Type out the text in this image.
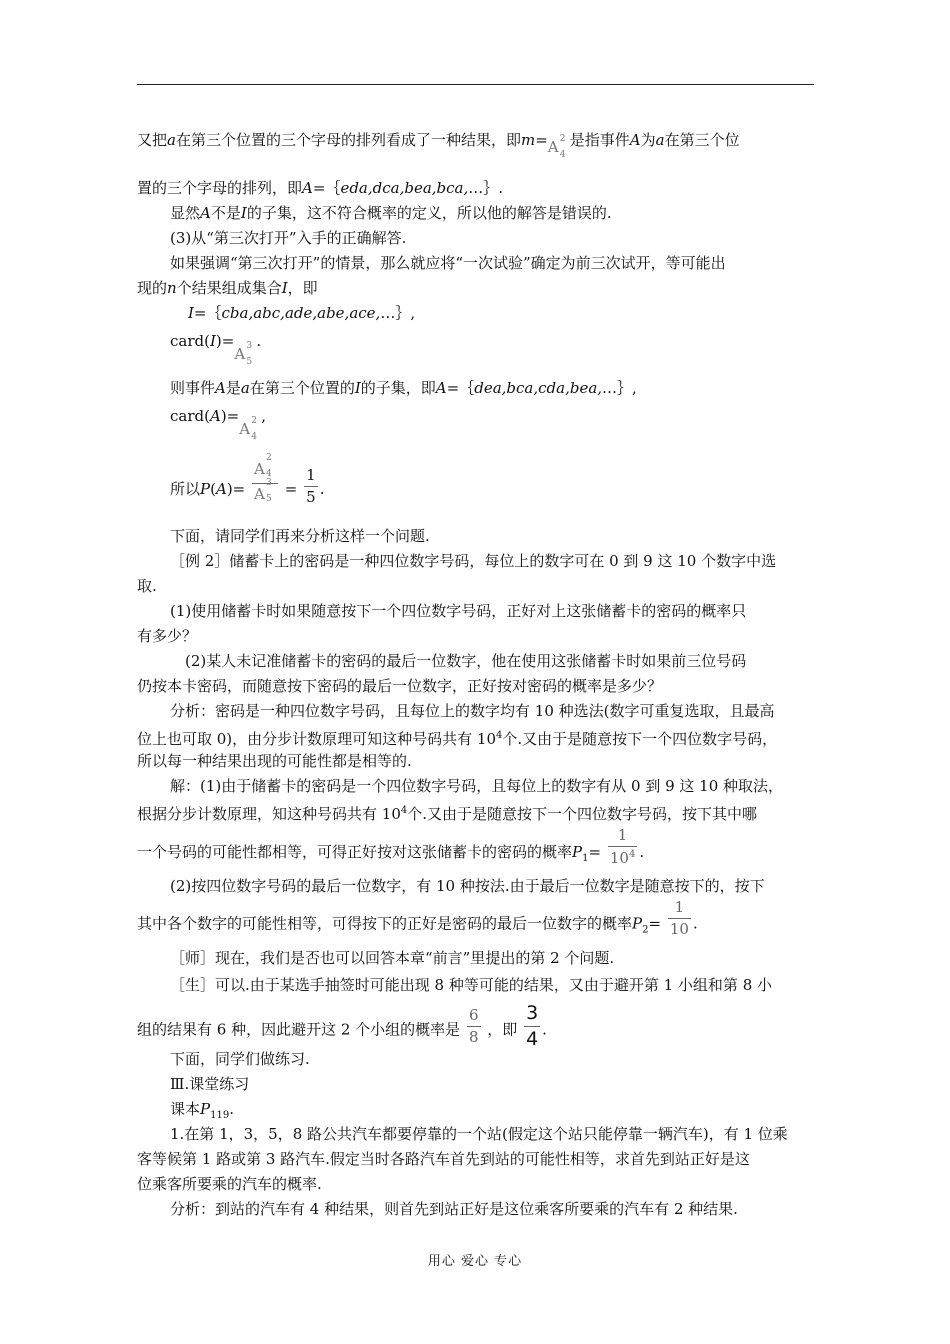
又把a在第三个位置的三个字母的排列看成了一种结果，即m= A 2
4
是指事件A为a在第三个位
置的三个字母的排列，即A=｛eda,dca,bea,bca,…｝.
显然A不是I的子集，这不符合概率的定义，所以他的解答是错误的.
(3)从“第三次打开”入手的正确解答.
如果强调“第三次打开”的情景，那么就应将“一次试验”确定为前三次试开，等可能出
现的n个结果组成集合I，即
I=｛cba,abc,ade,abe,ace,…｝,
card(I)=
A 3
5
.
则事件A是a在第三个位置的I的子集，即A=｛dea,bca,cda,bea,…｝,
card(A)=
A 2
4
,
所以P(A)= A
2
4
A
3
$5 = \frac{1}{5}$ .
下面，请同学们再来分析这样一个问题.
［例 2］储蓄卡上的密码是一种四位数字号码，每位上的数字可在 0 到 9 这 10 个数字中选
取.
(1)使用储蓄卡时如果随意按下一个四位数字号码，正好对上这张储蓄卡的密码的概率只
有多少？
(2)某人未记准储蓄卡的密码的最后一位数字，他在使用这张储蓄卡时如果前三位号码
仍按本卡密码，而随意按下密码的最后一位数字，正好按对密码的概率是多少？
分析：密码是一种四位数字号码，且每位上的数字均有 10 种选法(数字可重复选取，且最高
位上也可取 0)，由分步计数原理可知这种号码共有 $10^4$个.又由于是随意按下一个四位数字号码，
所以每一种结果出现的可能性都是相等的.
解：(1)由于储蓄卡的密码是一个四位数字号码，且每位上的数字有从 0 到 9 这 10 种取法，
根据分步计数原理，知这种号码共有 $10^4$个.又由于是随意按下一个四位数字号码，按下其中哪
一个号码的可能性都相等，可得正好按对这张储蓄卡的密码的概率$P_1= \frac{1}{10^4}$ .
(2)按四位数字号码的最后一位数字，有 10 种按法.由于最后一位数字是随意按下的，按下
其中各个数字的可能性相等，可得按下的正好是密码的最后一位数字的概率$P_2= \frac{1}{10}$ .
［师］现在，我们是否也可以回答本章“前言”里提出的第 2 个问题.
［生］可以.由于某选手抽签时可能出现 8 种等可能的结果，又由于避开第 1 小组和第 8 小
组的结果有 6 种，因此避开这 2 个小组的概率是 $\frac{6}{8}$ ，即 $\frac{3}{4}$ .
下面，同学们做练习.
Ⅲ.课堂练习
课本$P_{119}$.
1.在第 1，3，5，8 路公共汽车都要停靠的一个站(假定这个站只能停靠一辆汽车)，有 1 位乘
客等候第 1 路或第 3 路汽车.假定当时各路汽车首先到站的可能性相等，求首先到站正好是这
位乘客所要乘的汽车的概率.
分析：到站的汽车有 4 种结果，则首先到站正好是这位乘客所要乘的汽车有 2 种结果.
用心 爱心 专心
